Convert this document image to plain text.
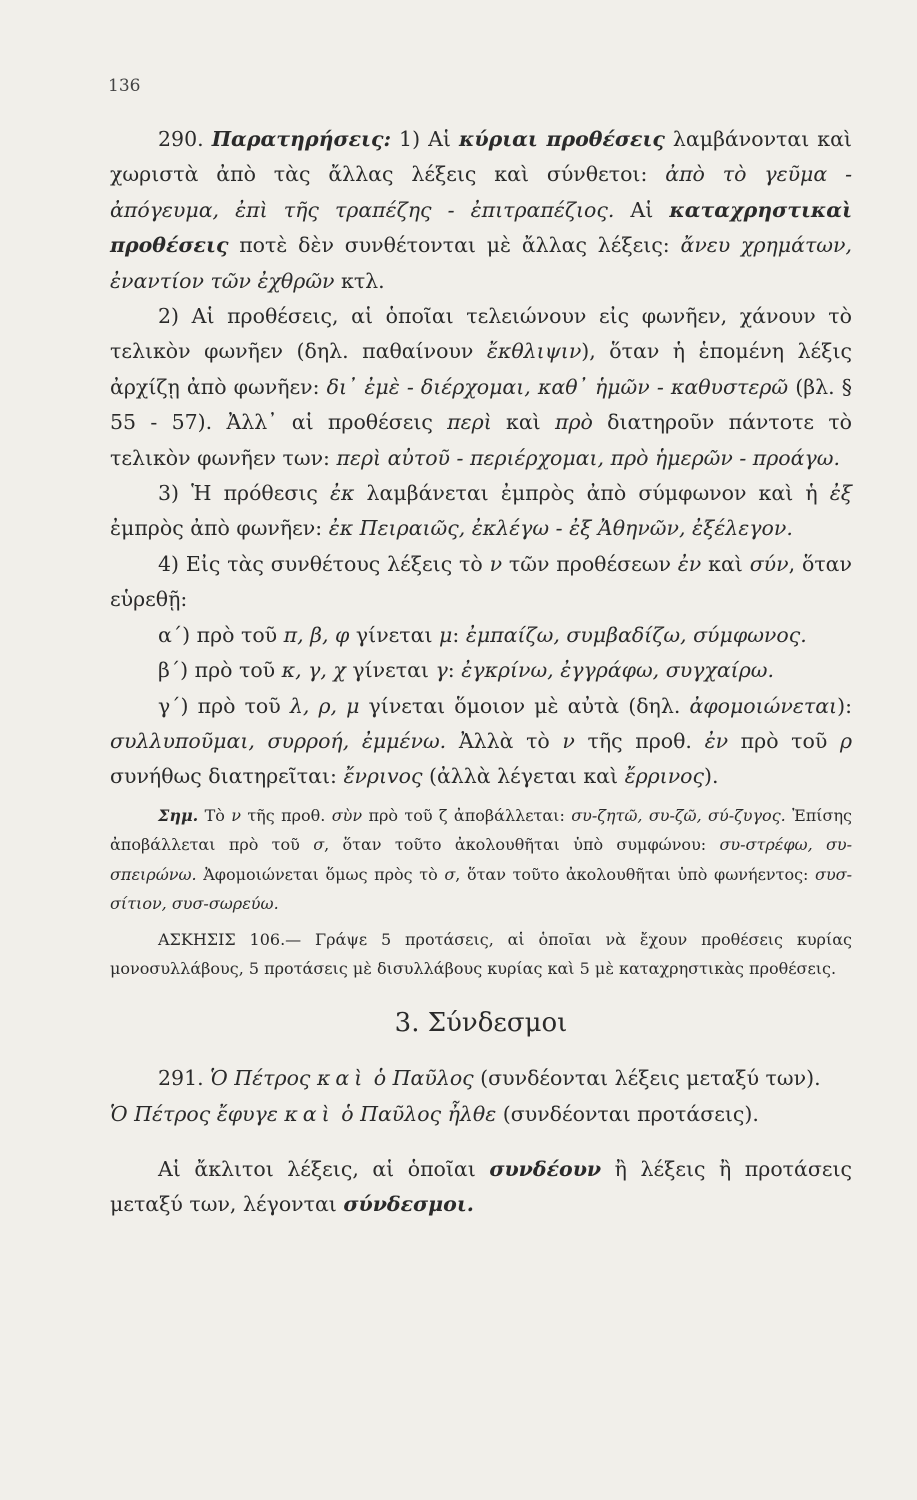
136

290. Παρατηρήσεις: 1) Αἱ κύριαι προθέσεις λαμβάνονται καὶ χωριστὰ ἀπὸ τὰς ἄλλας λέξεις καὶ σύνθετοι: ἀπὸ τὸ γεῦμα - ἀπόγευμα, ἐπὶ τῆς τραπέζης - ἐπιτραπέζιος. Αἱ καταχρηστικαὶ προθέσεις ποτὲ δὲν συνθέτονται μὲ ἄλλας λέξεις: ἄνευ χρημάτων, ἐναντίον τῶν ἐχθρῶν κτλ.

2) Αἱ προθέσεις, αἱ ὁποῖαι τελειώνουν εἰς φωνῆεν, χάνουν τὸ τελικὸν φωνῆεν (δηλ. παθαίνουν ἔκθλιψιν), ὅταν ἡ ἑπομένη λέξις ἀρχίζῃ ἀπὸ φωνῆεν: δι᾽ ἐμὲ - διέρχομαι, καθ᾽ ἡμῶν - καθυστερῶ (βλ. § 55 - 57). Ἀλλ᾽ αἱ προθέσεις περὶ καὶ πρὸ διατηροῦν πάντοτε τὸ τελικὸν φωνῆεν των: περὶ αὐτοῦ - περιέρχομαι, πρὸ ἡμερῶν - προάγω.

3) Ἡ πρόθεσις ἐκ λαμβάνεται ἐμπρὸς ἀπὸ σύμφωνον καὶ ἡ ἐξ ἐμπρὸς ἀπὸ φωνῆεν: ἐκ Πειραιῶς, ἐκλέγω - ἐξ Ἀθηνῶν, ἐξέλεγον.

4) Εἰς τὰς συνθέτους λέξεις τὸ ν τῶν προθέσεων ἐν καὶ σύν, ὅταν εὑρεθῇ:

α΄) πρὸ τοῦ π, β, φ γίνεται μ: ἐμπαίζω, συμβαδίζω, σύμφωνος.

β΄) πρὸ τοῦ κ, γ, χ γίνεται γ: ἐγκρίνω, ἐγγράφω, συγχαίρω.

γ΄) πρὸ τοῦ λ, ρ, μ γίνεται ὅμοιον μὲ αὐτὰ (δηλ. ἀφομοιώνεται): συλλυποῦμαι, συρροή, ἐμμένω. Ἀλλὰ τὸ ν τῆς προθ. ἐν πρὸ τοῦ ρ συνήθως διατηρεῖται: ἔνριvος (ἀλλὰ λέγεται καὶ ἔρρινος).

Σημ. Τὸ ν τῆς προθ. σὺν πρὸ τοῦ ζ ἀποβάλλεται: συ-ζητῶ, συ-ζῶ, σύ-ζυγος. Ἐπίσης ἀποβάλλεται πρὸ τοῦ σ, ὅταν τοῦτο ἀκολουθῆται ὑπὸ συμφώνου: συ-στρέφω, συ-σπειρώνω. Ἀφομοιώνεται ὅμως πρὸς τὸ σ, ὅταν τοῦτο ἀκολουθῆται ὑπὸ φωνήεντος: συσ-σίτιον, συσ-σωρεύω.

ΑΣΚΗΣΙΣ 106.— Γράψε 5 προτάσεις, αἱ ὁποῖαι νὰ ἔχουν προθέσεις κυρίας μονοσυλλάβους, 5 προτάσεις μὲ δισυλλάβους κυρίας καὶ 5 μὲ καταχρηστικὰς προθέσεις.

3. Σύνδεσμοι

291. Ὁ Πέτρος καὶ ὁ Παῦλος (συνδέονται λέξεις μεταξύ των).

Ὁ Πέτρος ἔφυγε καὶ ὁ Παῦλος ἦλθε (συνδέονται προτάσεις).

Αἱ ἄκλιτοι λέξεις, αἱ ὁποῖαι συνδέουν ἢ λέξεις ἢ προτάσεις μεταξύ των, λέγονται σύνδεσμοι.
